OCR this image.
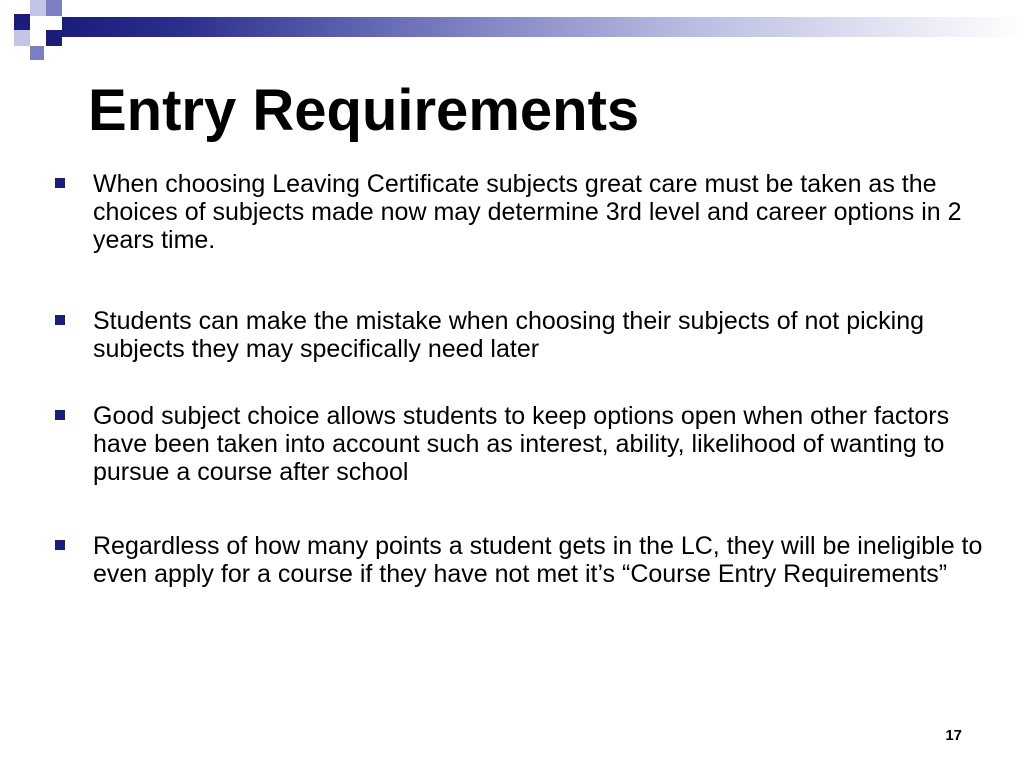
Entry Requirements

When choosing Leaving Certificate subjects great care must be taken as the choices of subjects made now may determine 3rd level and career options in 2 years time.

Students can make the mistake when choosing their subjects of not picking subjects they may specifically need later

Good subject choice allows students to keep options open when other factors have been taken into account such as interest, ability, likelihood of wanting to pursue a course after school

Regardless of how many points a student gets in the LC, they will be ineligible to even apply for a course if they have not met it’s “Course Entry Requirements”

17
